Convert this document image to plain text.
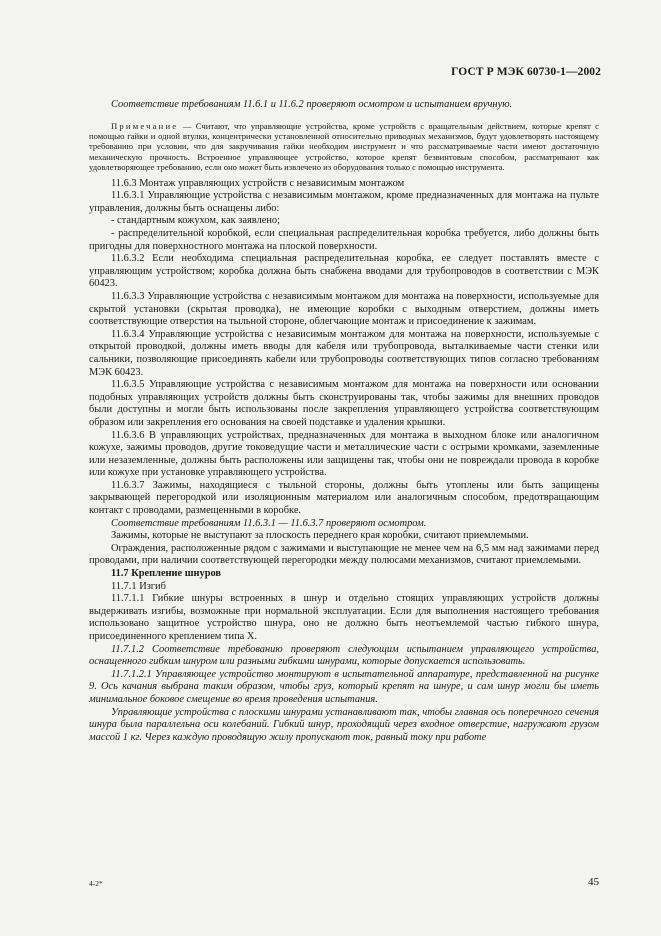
ГОСТ Р МЭК 60730-1—2002

Соответствие требованиям 11.6.1 и 11.6.2 проверяют осмотром и испытанием вручную.

Примечание — Считают, что управляющие устройства, кроме устройств с вращательным действием, которые крепят с помощью гайки и одной втулки, концентрически установленной относительно приводных механизмов, будут удовлетворять настоящему требованию при условии, что для закручивания гайки необходим инструмент и что рассматриваемые части имеют достаточную механическую прочность. Встроенное управляющее устройство, которое крепят безвинтовым способом, рассматривают как удовлетворяющее требованию, если оно может быть извлечено из оборудования только с помощью инструмента.

11.6.3 Монтаж управляющих устройств с независимым монтажом

11.6.3.1 Управляющие устройства с независимым монтажом, кроме предназначенных для монтажа на пульте управления, должны быть оснащены либо:

- стандартным кожухом, как заявлено;

- распределительной коробкой, если специальная распределительная коробка требуется, либо должны быть пригодны для поверхностного монтажа на плоской поверхности.

11.6.3.2 Если необходима специальная распределительная коробка, ее следует поставлять вместе с управляющим устройством; коробка должна быть снабжена вводами для трубопроводов в соответствии с МЭК 60423.

11.6.3.3 Управляющие устройства с независимым монтажом для монтажа на поверхности, используемые для скрытой установки (скрытая проводка), не имеющие коробки с выходным отверстием, должны иметь соответствующие отверстия на тыльной стороне, облегчающие монтаж и присоединение к зажимам.

11.6.3.4 Управляющие устройства с независимым монтажом для монтажа на поверхности, используемые с открытой проводкой, должны иметь вводы для кабеля или трубопровода, выталкиваемые части стенки или сальники, позволяющие присоединять кабели или трубопроводы соответствующих типов согласно требованиям МЭК 60423.

11.6.3.5 Управляющие устройства с независимым монтажом для монтажа на поверхности или основании подобных управляющих устройств должны быть сконструированы так, чтобы зажимы для внешних проводов были доступны и могли быть использованы после закрепления управляющего устройства соответствующим образом или закрепления его основания на своей подставке и удаления крышки.

11.6.3.6 В управляющих устройствах, предназначенных для монтажа в выходном блоке или аналогичном кожухе, зажимы проводов, другие токоведущие части и металлические части с острыми кромками, заземленные или незаземленные, должны быть расположены или защищены так, чтобы они не повреждали провода в коробке или кожухе при установке управляющего устройства.

11.6.3.7 Зажимы, находящиеся с тыльной стороны, должны быть утоплены или быть защищены закрывающей перегородкой или изоляционным материалом или аналогичным способом, предотвращающим контакт с проводами, размещенными в коробке.

Соответствие требованиям 11.6.3.1 — 11.6.3.7 проверяют осмотром.

Зажимы, которые не выступают за плоскость переднего края коробки, считают приемлемыми.

Ограждения, расположенные рядом с зажимами и выступающие не менее чем на 6,5 мм над зажимами перед проводами, при наличии соответствующей перегородки между полюсами механизмов, считают приемлемыми.

11.7 Крепление шнуров

11.7.1 Изгиб

11.7.1.1 Гибкие шнуры встроенных в шнур и отдельно стоящих управляющих устройств должны выдерживать изгибы, возможные при нормальной эксплуатации. Если для выполнения настоящего требования использовано защитное устройство шнура, оно не должно быть неотъемлемой частью гибкого шнура, присоединенного креплением типа X.

11.7.1.2 Соответствие требованию проверяют следующим испытанием управляющего устройства, оснащенного гибким шнуром или разными гибкими шнурами, которые допускается использовать.

11.7.1.2.1 Управляющее устройство монтируют в испытательной аппаратуре, представленной на рисунке 9. Ось качания выбрана таким образом, чтобы груз, который крепят на шнуре, и сам шнур могли бы иметь минимальное боковое смещение во время проведения испытания.

Управляющие устройства с плоскими шнурами устанавливают так, чтобы главная ось поперечного сечения шнура была параллельна оси колебаний. Гибкий шнур, проходящий через входное отверстие, нагружают грузом массой 1 кг. Через каждую проводящую жилу пропускают ток, равный току при работе

4-2*	45
